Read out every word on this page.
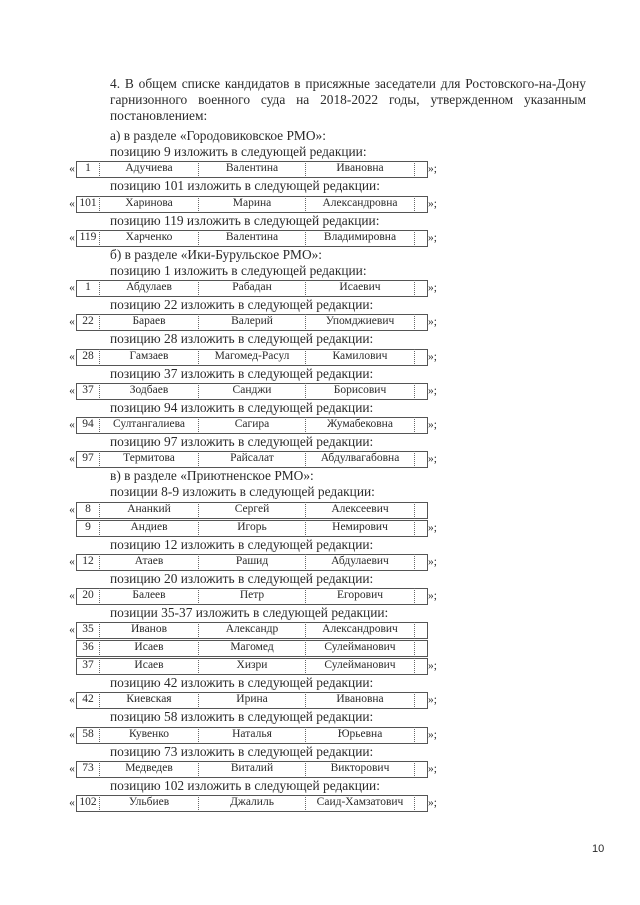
4. В общем списке кандидатов в присяжные заседатели для Ростовского-на-Дону гарнизонного военного суда на 2018-2022 годы, утвержденном указанным постановлением:
а) в разделе «Городовиковское РМО»:
позицию 9 изложить в следующей редакции:
« 1	Адучиева	Валентина	Ивановна	»;
позицию 101 изложить в следующей редакции:
« 101	Харинова	Марина	Александровна	»;
позицию 119 изложить в следующей редакции:
« 119	Харченко	Валентина	Владимировна	»;
б) в разделе «Ики-Бурульское РМО»:
позицию 1 изложить в следующей редакции:
« 1	Абдулаев	Рабадан	Исаевич	»;
позицию 22 изложить в следующей редакции:
« 22	Бараев	Валерий	Упомджиевич	»;
позицию 28 изложить в следующей редакции:
« 28	Гамзаев	Магомед-Расул	Камилович	»;
позицию 37 изложить в следующей редакции:
« 37	Зодбаев	Санджи	Борисович	»;
позицию 94 изложить в следующей редакции:
« 94	Султангалиева	Сагира	Жумабековна	»;
позицию 97 изложить в следующей редакции:
« 97	Термитова	Райсалат	Абдулвагабовна	»;
в) в разделе «Приютненское РМО»:
позиции 8-9 изложить в следующей редакции:
« 8	Ананкий	Сергей	Алексеевич
9	Андиев	Игорь	Немирович	»;
позицию 12 изложить в следующей редакции:
« 12	Атаев	Рашид	Абдулаевич	»;
позицию 20 изложить в следующей редакции:
« 20	Балеев	Петр	Егорович	»;
позиции 35-37 изложить в следующей редакции:
« 35	Иванов	Александр	Александрович
36	Исаев	Магомед	Сулейманович
37	Исаев	Хизри	Сулейманович	»;
позицию 42 изложить в следующей редакции:
« 42	Киевская	Ирина	Ивановна	»;
позицию 58 изложить в следующей редакции:
« 58	Кувенко	Наталья	Юрьевна	»;
позицию 73 изложить в следующей редакции:
« 73	Медведев	Виталий	Викторович	»;
позицию 102 изложить в следующей редакции:
« 102	Ульбиев	Джалиль	Саид-Хамзатович	»;
10
